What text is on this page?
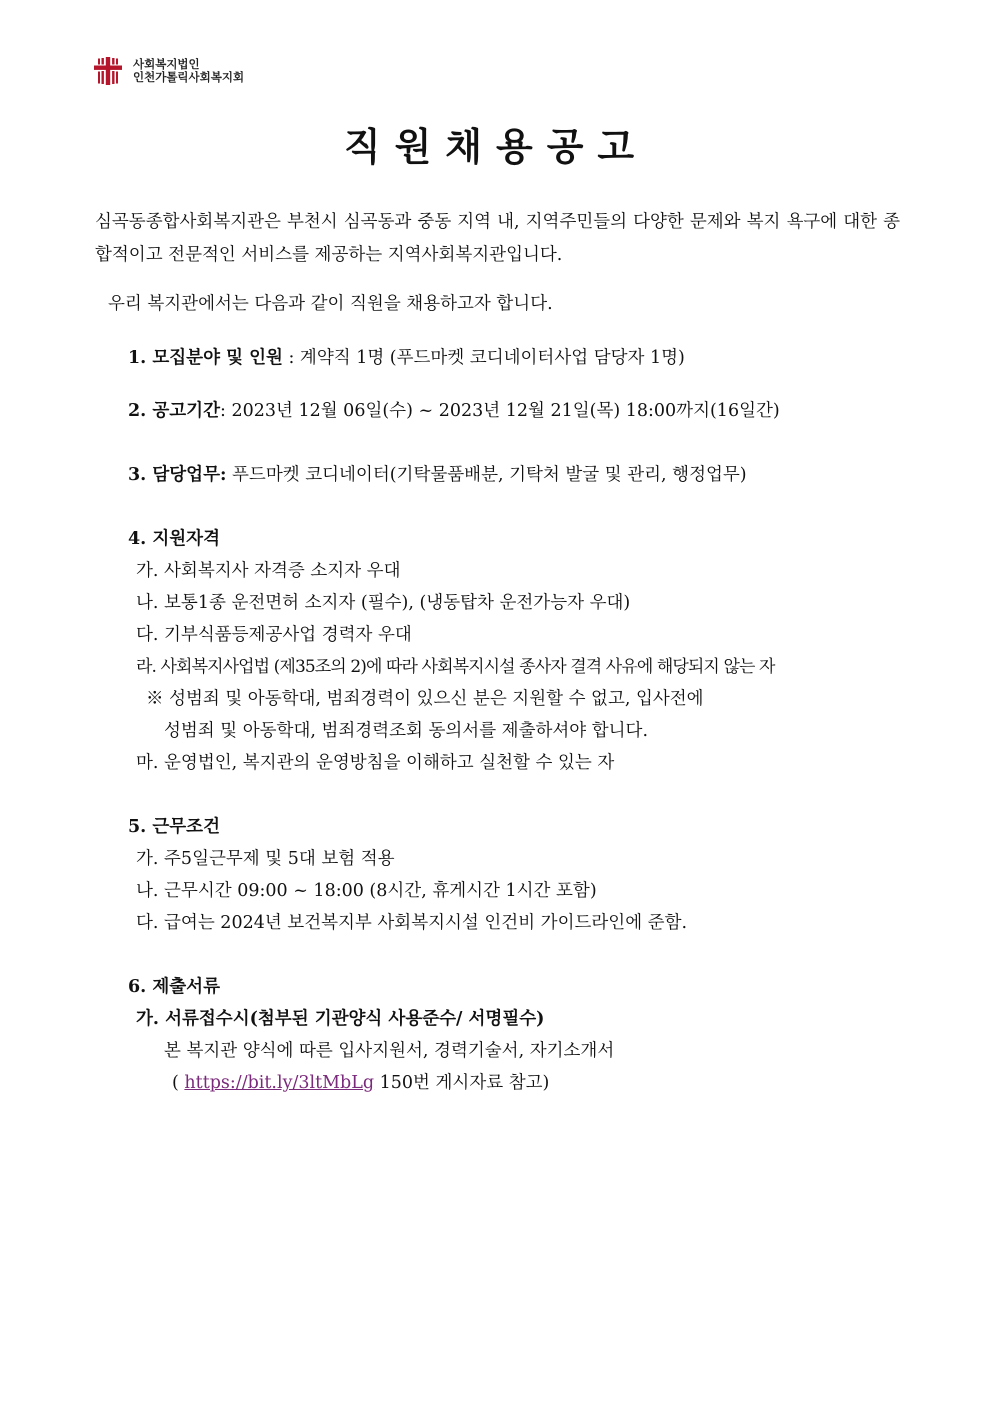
사회복지법인
인천가톨릭사회복지회
직원채용공고
심곡동종합사회복지관은 부천시 심곡동과 중동 지역 내, 지역주민들의 다양한 문제와 복지 욕구에 대한 종합적이고 전문적인 서비스를 제공하는 지역사회복지관입니다.
우리 복지관에서는 다음과 같이 직원을 채용하고자 합니다.
1. 모집분야 및 인원 : 계약직 1명 (푸드마켓 코디네이터사업 담당자 1명)
2. 공고기간: 2023년 12월 06일(수) ~ 2023년 12월 21일(목) 18:00까지(16일간)
3. 담당업무: 푸드마켓 코디네이터(기탁물품배분, 기탁처 발굴 및 관리, 행정업무)
4. 지원자격
가. 사회복지사 자격증 소지자 우대
나. 보통1종 운전면허 소지자 (필수), (냉동탑차 운전가능자 우대)
다. 기부식품등제공사업 경력자 우대
라. 사회복지사업법 (제35조의 2)에 따라 사회복지시설 종사자 결격 사유에 해당되지 않는 자
※ 성범죄 및 아동학대, 범죄경력이 있으신 분은 지원할 수 없고, 입사전에
성범죄 및 아동학대, 범죄경력조회 동의서를 제출하셔야 합니다.
마. 운영법인, 복지관의 운영방침을 이해하고 실천할 수 있는 자
5. 근무조건
가. 주5일근무제 및 5대 보험 적용
나. 근무시간 09:00 ~ 18:00 (8시간, 휴게시간 1시간 포함)
다. 급여는 2024년 보건복지부 사회복지시설 인건비 가이드라인에 준함.
6. 제출서류
가. 서류접수시(첨부된 기관양식 사용준수/ 서명필수)
본 복지관 양식에 따른 입사지원서, 경력기술서, 자기소개서
( https://bit.ly/3ltMbLg 150번 게시자료 참고)
